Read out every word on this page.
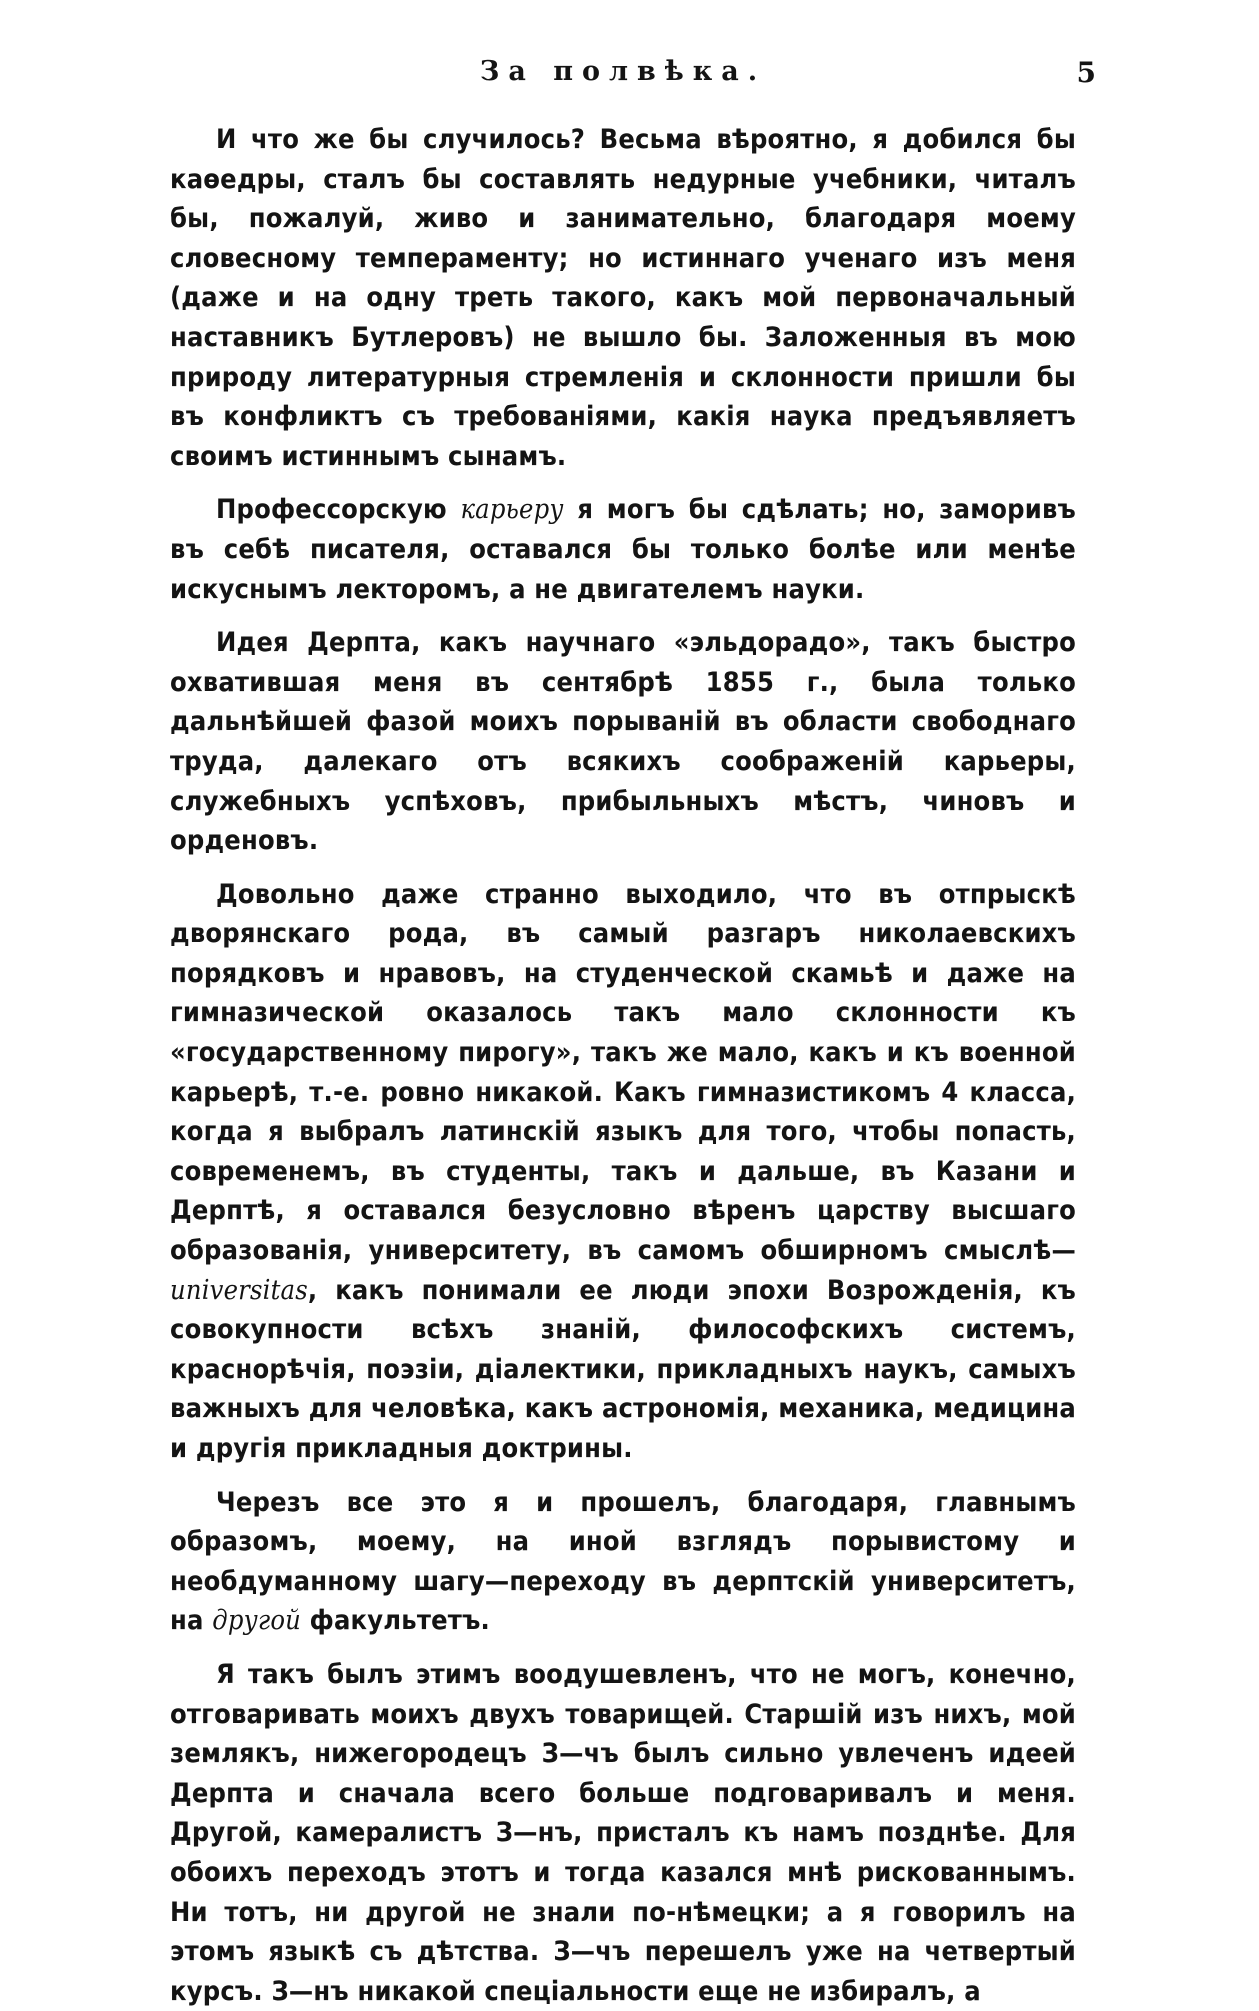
За полвѣка.	5

И что же бы случилось? Весьма вѣроятно, я добился бы каѳедры, сталъ бы составлять недурные учебники, читалъ бы, пожалуй, живо и занимательно, благодаря моему словесному темпераменту; но истиннаго ученаго изъ меня (даже и на одну треть такого, какъ мой первоначальный наставникъ Бутлеровъ) не вышло бы. Заложенныя въ мою природу литературныя стремленія и склонности пришли бы въ конфликтъ съ требованіями, какія наука предъявляетъ своимъ истиннымъ сынамъ.

Профессорскую карьеру я могъ бы сдѣлать; но, заморивъ въ себѣ писателя, оставался бы только болѣе или менѣе искуснымъ лекторомъ, а не двигателемъ науки.

Идея Дерпта, какъ научнаго «эльдорадо», такъ быстро охватившая меня въ сентябрѣ 1855 г., была только дальнѣйшей фазой моихъ порываній въ области свободнаго труда, далекаго отъ всякихъ соображеній карьеры, служебныхъ успѣховъ, прибыльныхъ мѣстъ, чиновъ и орденовъ.

Довольно даже странно выходило, что въ отпрыскѣ дворянскаго рода, въ самый разгаръ николаевскихъ порядковъ и нравовъ, на студенческой скамьѣ и даже на гимназической оказалось такъ мало склонности къ «государственному пирогу», такъ же мало, какъ и къ военной карьерѣ, т.-е. ровно никакой. Какъ гимназистикомъ 4 класса, когда я выбралъ латинскій языкъ для того, чтобы попасть, современемъ, въ студенты, такъ и дальше, въ Казани и Дерптѣ, я оставался безусловно вѣренъ царству высшаго образованія, университету, въ самомъ обширномъ смыслѣ—universitas, какъ понимали ее люди эпохи Возрожденія, къ совокупности всѣхъ знаній, философскихъ системъ, краснорѣчія, поэзіи, діалектики, прикладныхъ наукъ, самыхъ важныхъ для человѣка, какъ астрономія, механика, медицина и другія прикладныя доктрины.

Черезъ все это я и прошелъ, благодаря, главнымъ образомъ, моему, на иной взглядъ порывистому и необдуманному шагу—переходу въ дерптскій университетъ, на другой факультетъ.

Я такъ былъ этимъ воодушевленъ, что не могъ, конечно, отговаривать моихъ двухъ товарищей. Старшій изъ нихъ, мой землякъ, нижегородецъ З—чъ былъ сильно увлеченъ идеей Дерпта и сначала всего больше подговаривалъ и меня. Другой, камералистъ З—нъ, присталъ къ намъ позднѣе. Для обоихъ переходъ этотъ и тогда казался мнѣ рискованнымъ. Ни тотъ, ни другой не знали по-нѣмецки; а я говорилъ на этомъ языкѣ съ дѣтства. З—чъ перешелъ уже на четвертый курсъ. З—нъ никакой спеціальности еще не избиралъ, а
